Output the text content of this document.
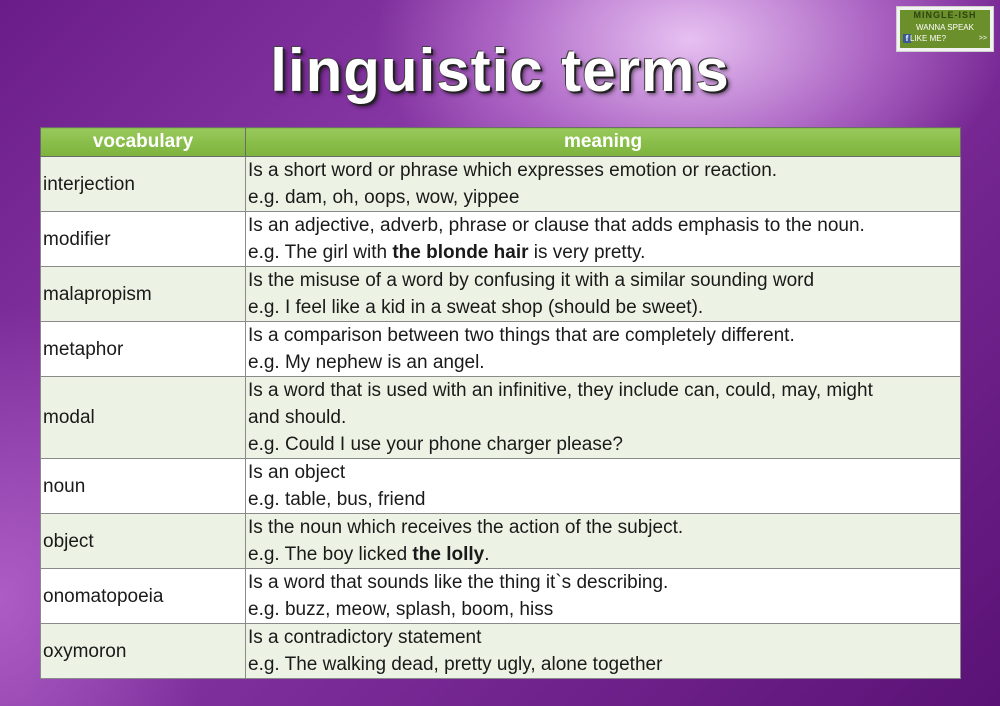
linguistic terms
MINGLE-ISH
WANNA SPEAK
f LIKE ME?	>>
vocabulary	meaning
interjection	Is a short word or phrase which expresses emotion or reaction.
e.g. dam, oh, oops, wow, yippee

modifier	Is an adjective, adverb, phrase or clause that adds emphasis to the noun.
e.g. The girl with the blonde hair is very pretty.

malapropism	Is the misuse of a word by confusing it with a similar sounding word
e.g. I feel like a kid in a sweat shop (should be sweet).

metaphor	Is a comparison between two things that are completely different.
e.g. My nephew is an angel.

modal	Is a word that is used with an infinitive, they include can, could, may, might
and should.
e.g. Could I use your phone charger please?

noun	Is an object
e.g. table, bus, friend

object	Is the noun which receives the action of the subject.
e.g. The boy licked the lolly.

onomatopoeia	Is a word that sounds like the thing it`s describing.
e.g. buzz, meow, splash, boom, hiss

oxymoron	Is a contradictory statement
e.g. The walking dead, pretty ugly, alone together
